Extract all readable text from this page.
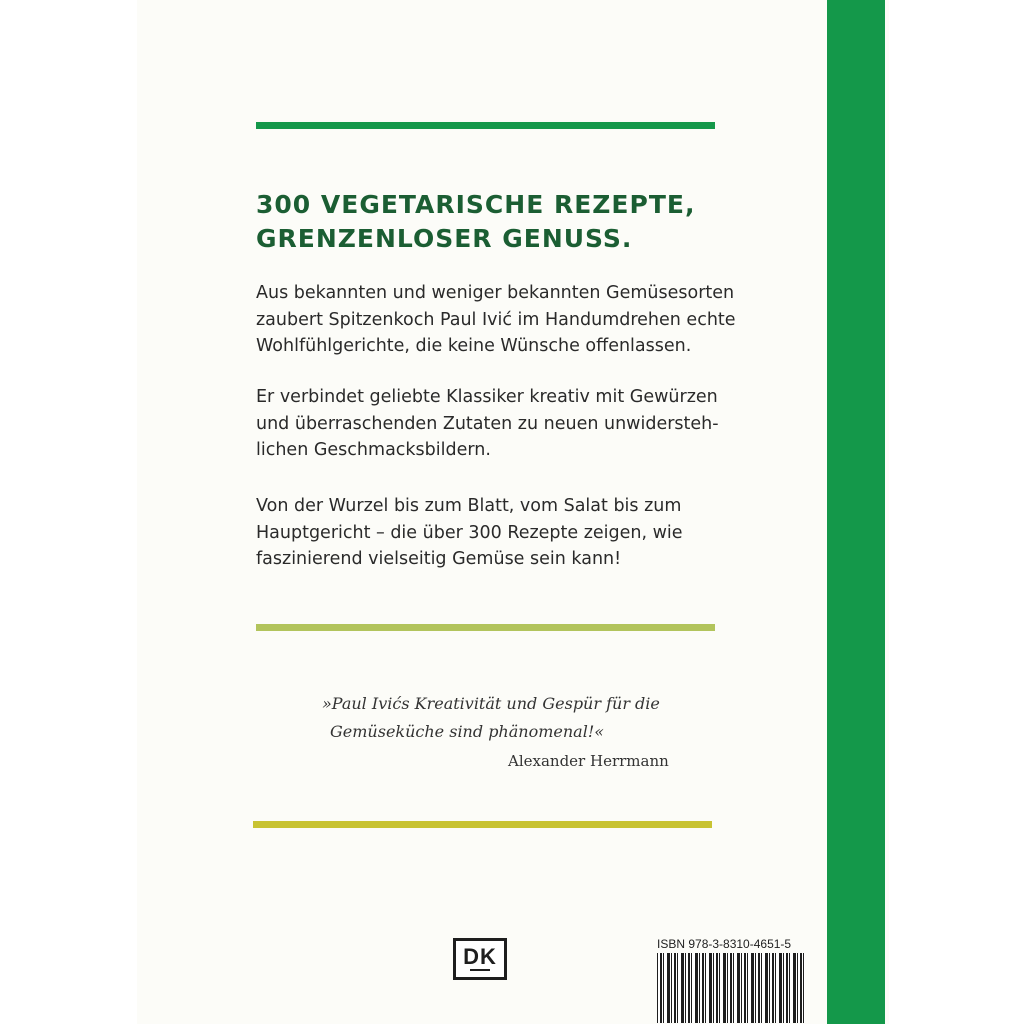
300 VEGETARISCHE REZEPTE,
GRENZENLOSER GENUSS.

Aus bekannten und weniger bekannten Gemüsesorten
zaubert Spitzenkoch Paul Ivić im Handumdrehen echte
Wohlfühlgerichte, die keine Wünsche offenlassen.

Er verbindet geliebte Klassiker kreativ mit Gewürzen
und überraschenden Zutaten zu neuen unwidersteh-
lichen Geschmacksbildern.

Von der Wurzel bis zum Blatt, vom Salat bis zum
Hauptgericht – die über 300 Rezepte zeigen, wie
faszinierend vielseitig Gemüse sein kann!

»Paul Ivićs Kreativität und Gespür für die
Gemüseküche sind phänomenal!«

Alexander Herrmann

DK	ISBN 978-3-8310-4651-5
